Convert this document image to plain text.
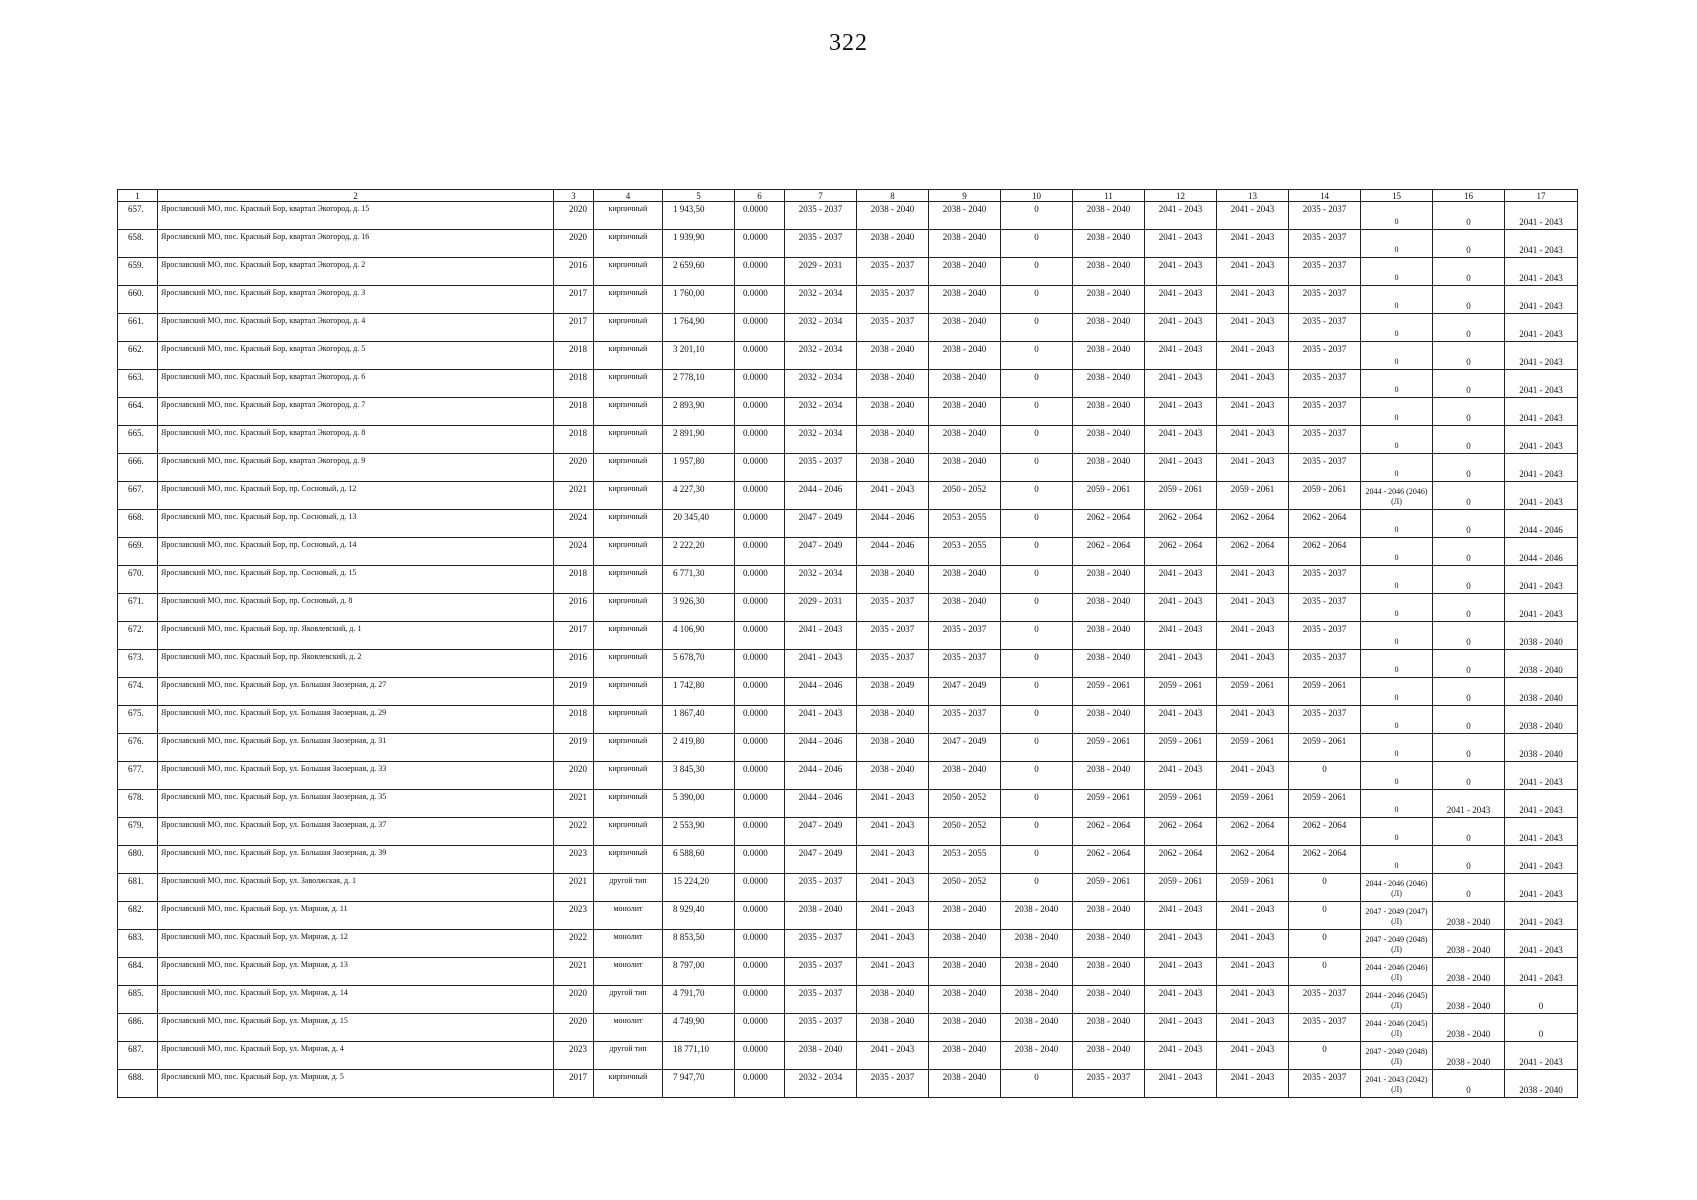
322
1	2	3	4	5	6	7	8	9	10	11	12	13	14	15	16	17
657.	Ярославский МО, пос. Красный Бор, квартал Экогород, д. 15	2020	кирпичный	1 943,50	0.0000	2035 - 2037	2038 - 2040	2038 - 2040	0	2038 - 2040	2041 - 2043	2041 - 2043	2035 - 2037	0	0	2041 - 2043
658.	Ярославский МО, пос. Красный Бор, квартал Экогород, д. 16	2020	кирпичный	1 939,90	0.0000	2035 - 2037	2038 - 2040	2038 - 2040	0	2038 - 2040	2041 - 2043	2041 - 2043	2035 - 2037	0	0	2041 - 2043
659.	Ярославский МО, пос. Красный Бор, квартал Экогород, д. 2	2016	кирпичный	2 659,60	0.0000	2029 - 2031	2035 - 2037	2038 - 2040	0	2038 - 2040	2041 - 2043	2041 - 2043	2035 - 2037	0	0	2041 - 2043
660.	Ярославский МО, пос. Красный Бор, квартал Экогород, д. 3	2017	кирпичный	1 760,00	0.0000	2032 - 2034	2035 - 2037	2038 - 2040	0	2038 - 2040	2041 - 2043	2041 - 2043	2035 - 2037	0	0	2041 - 2043
661.	Ярославский МО, пос. Красный Бор, квартал Экогород, д. 4	2017	кирпичный	1 764,90	0.0000	2032 - 2034	2035 - 2037	2038 - 2040	0	2038 - 2040	2041 - 2043	2041 - 2043	2035 - 2037	0	0	2041 - 2043
662.	Ярославский МО, пос. Красный Бор, квартал Экогород, д. 5	2018	кирпичный	3 201,10	0.0000	2032 - 2034	2038 - 2040	2038 - 2040	0	2038 - 2040	2041 - 2043	2041 - 2043	2035 - 2037	0	0	2041 - 2043
663.	Ярославский МО, пос. Красный Бор, квартал Экогород, д. 6	2018	кирпичный	2 778,10	0.0000	2032 - 2034	2038 - 2040	2038 - 2040	0	2038 - 2040	2041 - 2043	2041 - 2043	2035 - 2037	0	0	2041 - 2043
664.	Ярославский МО, пос. Красный Бор, квартал Экогород, д. 7	2018	кирпичный	2 893,90	0.0000	2032 - 2034	2038 - 2040	2038 - 2040	0	2038 - 2040	2041 - 2043	2041 - 2043	2035 - 2037	0	0	2041 - 2043
665.	Ярославский МО, пос. Красный Бор, квартал Экогород, д. 8	2018	кирпичный	2 891,90	0.0000	2032 - 2034	2038 - 2040	2038 - 2040	0	2038 - 2040	2041 - 2043	2041 - 2043	2035 - 2037	0	0	2041 - 2043
666.	Ярославский МО, пос. Красный Бор, квартал Экогород, д. 9	2020	кирпичный	1 957,80	0.0000	2035 - 2037	2038 - 2040	2038 - 2040	0	2038 - 2040	2041 - 2043	2041 - 2043	2035 - 2037	0	0	2041 - 2043
667.	Ярославский МО, пос. Красный Бор, пр. Сосновый, д. 12	2021	кирпичный	4 227,30	0.0000	2044 - 2046	2041 - 2043	2050 - 2052	0	2059 - 2061	2059 - 2061	2059 - 2061	2059 - 2061	2044 - 2046 (2046) (Л)	0	2041 - 2043
668.	Ярославский МО, пос. Красный Бор, пр. Сосновый, д. 13	2024	кирпичный	20 345,40	0.0000	2047 - 2049	2044 - 2046	2053 - 2055	0	2062 - 2064	2062 - 2064	2062 - 2064	2062 - 2064	0	0	2044 - 2046
669.	Ярославский МО, пос. Красный Бор, пр. Сосновый, д. 14	2024	кирпичный	2 222,20	0.0000	2047 - 2049	2044 - 2046	2053 - 2055	0	2062 - 2064	2062 - 2064	2062 - 2064	2062 - 2064	0	0	2044 - 2046
670.	Ярославский МО, пос. Красный Бор, пр. Сосновый, д. 15	2018	кирпичный	6 771,30	0.0000	2032 - 2034	2038 - 2040	2038 - 2040	0	2038 - 2040	2041 - 2043	2041 - 2043	2035 - 2037	0	0	2041 - 2043
671.	Ярославский МО, пос. Красный Бор, пр. Сосновый, д. 8	2016	кирпичный	3 926,30	0.0000	2029 - 2031	2035 - 2037	2038 - 2040	0	2038 - 2040	2041 - 2043	2041 - 2043	2035 - 2037	0	0	2041 - 2043
672.	Ярославский МО, пос. Красный Бор, пр. Яковлевский, д. 1	2017	кирпичный	4 106,90	0.0000	2041 - 2043	2035 - 2037	2035 - 2037	0	2038 - 2040	2041 - 2043	2041 - 2043	2035 - 2037	0	0	2038 - 2040
673.	Ярославский МО, пос. Красный Бор, пр. Яковлевский, д. 2	2016	кирпичный	5 678,70	0.0000	2041 - 2043	2035 - 2037	2035 - 2037	0	2038 - 2040	2041 - 2043	2041 - 2043	2035 - 2037	0	0	2038 - 2040
674.	Ярославский МО, пос. Красный Бор, ул. Большая Заозерная, д. 27	2019	кирпичный	1 742,80	0.0000	2044 - 2046	2038 - 2049	2047 - 2049	0	2059 - 2061	2059 - 2061	2059 - 2061	2059 - 2061	0	0	2038 - 2040
675.	Ярославский МО, пос. Красный Бор, ул. Большая Заозерная, д. 29	2018	кирпичный	1 867,40	0.0000	2041 - 2043	2038 - 2040	2035 - 2037	0	2038 - 2040	2041 - 2043	2041 - 2043	2035 - 2037	0	0	2038 - 2040
676.	Ярославский МО, пос. Красный Бор, ул. Большая Заозерная, д. 31	2019	кирпичный	2 419,80	0.0000	2044 - 2046	2038 - 2040	2047 - 2049	0	2059 - 2061	2059 - 2061	2059 - 2061	2059 - 2061	0	0	2038 - 2040
677.	Ярославский МО, пос. Красный Бор, ул. Большая Заозерная, д. 33	2020	кирпичный	3 845,30	0.0000	2044 - 2046	2038 - 2040	2038 - 2040	0	2038 - 2040	2041 - 2043	2041 - 2043	0	0	0	2041 - 2043
678.	Ярославский МО, пос. Красный Бор, ул. Большая Заозерная, д. 35	2021	кирпичный	5 390,00	0.0000	2044 - 2046	2041 - 2043	2050 - 2052	0	2059 - 2061	2059 - 2061	2059 - 2061	2059 - 2061	0	2041 - 2043	2041 - 2043
679.	Ярославский МО, пос. Красный Бор, ул. Большая Заозерная, д. 37	2022	кирпичный	2 553,90	0.0000	2047 - 2049	2041 - 2043	2050 - 2052	0	2062 - 2064	2062 - 2064	2062 - 2064	2062 - 2064	0	0	2041 - 2043
680.	Ярославский МО, пос. Красный Бор, ул. Большая Заозерная, д. 39	2023	кирпичный	6 588,60	0.0000	2047 - 2049	2041 - 2043	2053 - 2055	0	2062 - 2064	2062 - 2064	2062 - 2064	2062 - 2064	0	0	2041 - 2043
681.	Ярославский МО, пос. Красный Бор, ул. Заволжская, д. 1	2021	другой тип	15 224,20	0.0000	2035 - 2037	2041 - 2043	2050 - 2052	0	2059 - 2061	2059 - 2061	2059 - 2061	0	2044 - 2046 (2046) (Л)	0	2041 - 2043
682.	Ярославский МО, пос. Красный Бор, ул. Мирная, д. 11	2023	монолит	8 929,40	0.0000	2038 - 2040	2041 - 2043	2038 - 2040	2038 - 2040	2038 - 2040	2041 - 2043	2041 - 2043	0	2047 - 2049 (2047) (Л)	2038 - 2040	2041 - 2043
683.	Ярославский МО, пос. Красный Бор, ул. Мирная, д. 12	2022	монолит	8 853,50	0.0000	2035 - 2037	2041 - 2043	2038 - 2040	2038 - 2040	2038 - 2040	2041 - 2043	2041 - 2043	0	2047 - 2049 (2048) (Л)	2038 - 2040	2041 - 2043
684.	Ярославский МО, пос. Красный Бор, ул. Мирная, д. 13	2021	монолит	8 797,00	0.0000	2035 - 2037	2041 - 2043	2038 - 2040	2038 - 2040	2038 - 2040	2041 - 2043	2041 - 2043	0	2044 - 2046 (2046) (Л)	2038 - 2040	2041 - 2043
685.	Ярославский МО, пос. Красный Бор, ул. Мирная, д. 14	2020	другой тип	4 791,70	0.0000	2035 - 2037	2038 - 2040	2038 - 2040	2038 - 2040	2038 - 2040	2041 - 2043	2041 - 2043	2035 - 2037	2044 - 2046 (2045) (Л)	2038 - 2040	0
686.	Ярославский МО, пос. Красный Бор, ул. Мирная, д. 15	2020	монолит	4 749,90	0.0000	2035 - 2037	2038 - 2040	2038 - 2040	2038 - 2040	2038 - 2040	2041 - 2043	2041 - 2043	2035 - 2037	2044 - 2046 (2045) (Л)	2038 - 2040	0
687.	Ярославский МО, пос. Красный Бор, ул. Мирная, д. 4	2023	другой тип	18 771,10	0.0000	2038 - 2040	2041 - 2043	2038 - 2040	2038 - 2040	2038 - 2040	2041 - 2043	2041 - 2043	0	2047 - 2049 (2048) (Л)	2038 - 2040	2041 - 2043
688.	Ярославский МО, пос. Красный Бор, ул. Мирная, д. 5	2017	кирпичный	7 947,70	0.0000	2032 - 2034	2035 - 2037	2038 - 2040	0	2035 - 2037	2041 - 2043	2041 - 2043	2035 - 2037	2041 - 2043 (2042) (Л)	0	2038 - 2040
